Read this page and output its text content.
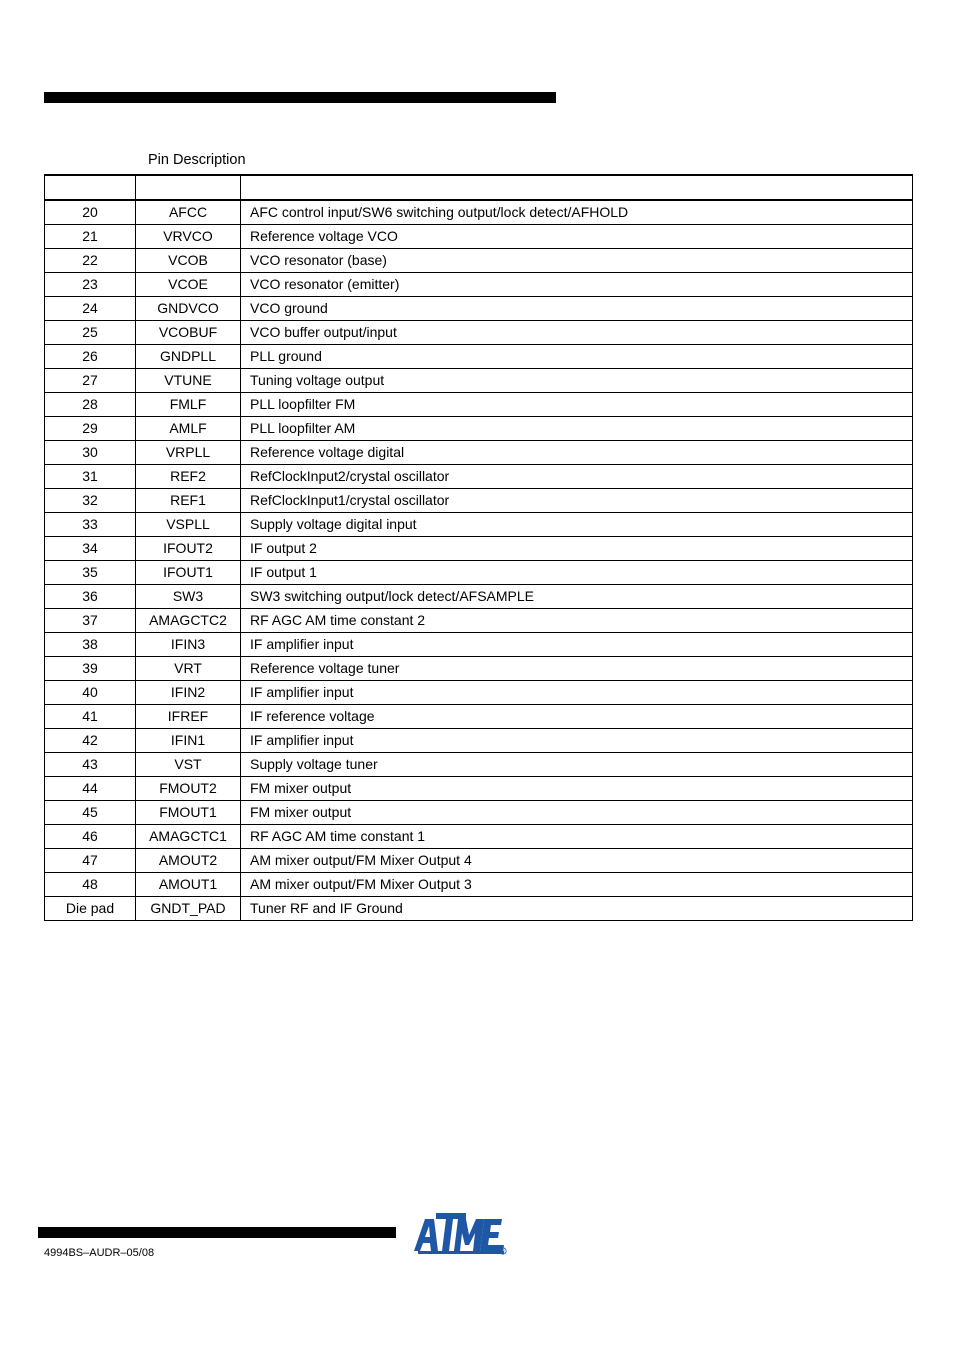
Pin Description

20	AFCC	AFC control input/SW6 switching output/lock detect/AFHOLD
21	VRVCO	Reference voltage VCO
22	VCOB	VCO resonator (base)
23	VCOE	VCO resonator (emitter)
24	GNDVCO	VCO ground
25	VCOBUF	VCO buffer output/input
26	GNDPLL	PLL ground
27	VTUNE	Tuning voltage output
28	FMLF	PLL loopfilter FM
29	AMLF	PLL loopfilter AM
30	VRPLL	Reference voltage digital
31	REF2	RefClockInput2/crystal oscillator
32	REF1	RefClockInput1/crystal oscillator
33	VSPLL	Supply voltage digital input
34	IFOUT2	IF output 2
35	IFOUT1	IF output 1
36	SW3	SW3 switching output/lock detect/AFSAMPLE
37	AMAGCTC2	RF AGC AM time constant 2
38	IFIN3	IF amplifier input
39	VRT	Reference voltage tuner
40	IFIN2	IF amplifier input
41	IFREF	IF reference voltage
42	IFIN1	IF amplifier input
43	VST	Supply voltage tuner
44	FMOUT2	FM mixer output
45	FMOUT1	FM mixer output
46	AMAGCTC1	RF AGC AM time constant 1
47	AMOUT2	AM mixer output/FM Mixer Output 4
48	AMOUT1	AM mixer output/FM Mixer Output 3
Die pad	GNDT_PAD	Tuner RF and IF Ground
4994BS–AUDR–05/08	R
